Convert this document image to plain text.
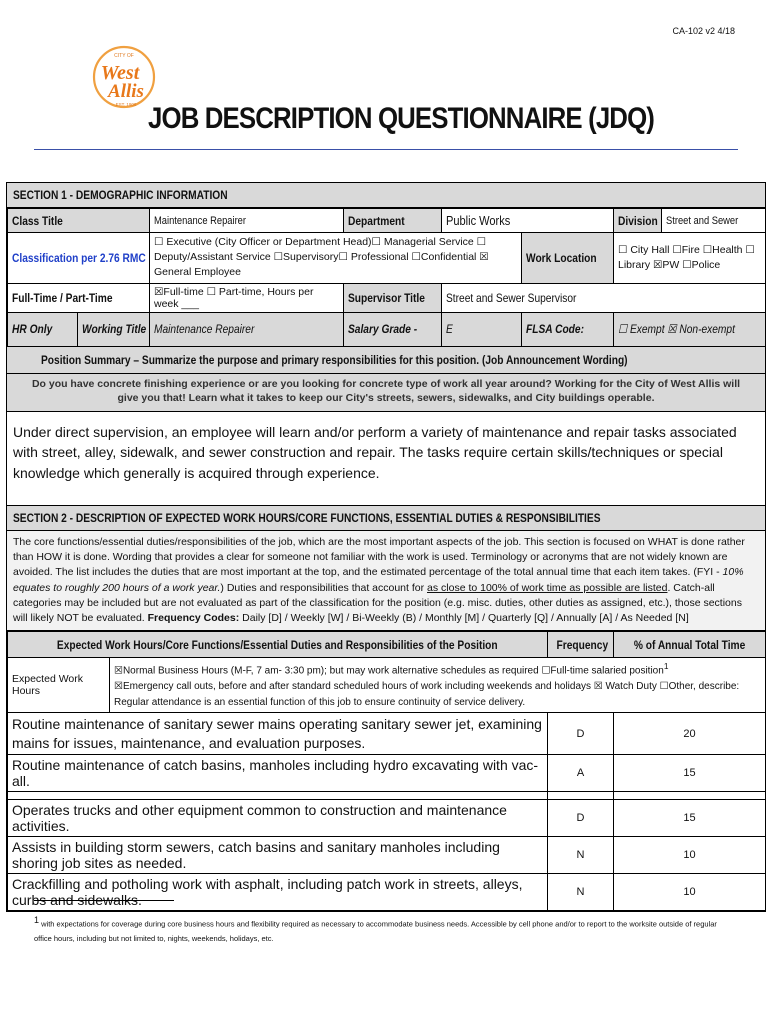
CA-102 v2 4/18
CITY OF
West
Allis
EST. 1906 JOB DESCRIPTION QUESTIONNAIRE (JDQ)
SECTION 1 - DEMOGRAPHIC INFORMATION
Class Title		Maintenance Repairer	Department	Public Works		Division	Street and Sewer
Classification per 2.76 RMC		☐ Executive (City Officer or Department Head)☐ Managerial Service ☐ Deputy/Assistant Service ☐Supervisory☐ Professional ☐Confidential ☒ General Employee			Work Location	☐ City Hall ☐Fire ☐Health ☐ Library ☒PW ☐Police	
Full-Time / Part-Time		☒Full-time ☐ Part-time, Hours per week ___	Supervisor Title	Street and Sewer Supervisor			
HR Only	Working Title	Maintenance Repairer	Salary Grade -	E	FLSA Code:	☐ Exempt ☒ Non-exempt	
Position Summary – Summarize the purpose and primary responsibilities for this position. (Job Announcement Wording)
Do you have concrete finishing experience or are you looking for concrete type of work all year around? Working for the City of West Allis will give you that! Learn what it takes to keep our City's streets, sewers, sidewalks, and City buildings operable.
Under direct supervision, an employee will learn and/or perform a variety of maintenance and repair tasks associated with street, alley, sidewalk, and sewer construction and repair. The tasks require certain skills/techniques or special knowledge which generally is acquired through experience.
SECTION 2 - DESCRIPTION OF EXPECTED WORK HOURS/CORE FUNCTIONS, ESSENTIAL DUTIES & RESPONSIBILITIES
The core functions/essential duties/responsibilities of the job, which are the most important aspects of the job. This section is focused on WHAT is done rather than HOW it is done. Wording that provides a clear for someone not familiar with the work is used. Terminology or acronyms that are not widely known are avoided. The list includes the duties that are most important at the top, and the estimated percentage of the total annual time that each item takes. (FYI - 10% equates to roughly 200 hours of a work year.) Duties and responsibilities that account for as close to 100% of work time as possible are listed. Catch-all categories may be included but are not evaluated as part of the classification for the position (e.g. misc. duties, other duties as assigned, etc.), those sections will likely NOT be evaluated. Frequency Codes: Daily [D] / Weekly [W] / Bi-Weekly (B) / Monthly [M] / Quarterly [Q] / Annually [A] / As Needed [N]
Expected Work Hours/Core Functions/Essential Duties and Responsibilities of the Position		Frequency	% of Annual Total Time
Expected Work Hours	☒Normal Business Hours (M-F, 7 am- 3:30 pm); but may work alternative schedules as required ☐Full-time salaried position$^1$
☒Emergency call outs, before and after standard scheduled hours of work including weekends and holidays ☒ Watch Duty ☐Other, describe:
Regular attendance is an essential function of this job to ensure continuity of service delivery.		

Routine maintenance of sanitary sewer mains operating sanitary sewer jet, examining mains for issues, maintenance, and evaluation purposes.		D	20
Routine maintenance of catch basins, manholes including hydro excavating with vac-all.		A	15

Operates trucks and other equipment common to construction and maintenance activities.		D	15
Assists in building storm sewers, catch basins and sanitary manholes including shoring job sites as needed.		N	10
Crackfilling and potholing work with asphalt, including patch work in streets, alleys, curbs and sidewalks.		N	10
$^1$ with expectations for coverage during core business hours and flexibility required as necessary to accommodate business needs. Accessible by cell phone and/or to report to the worksite outside of regular office hours, including but not limited to, nights, weekends, holidays, etc.
